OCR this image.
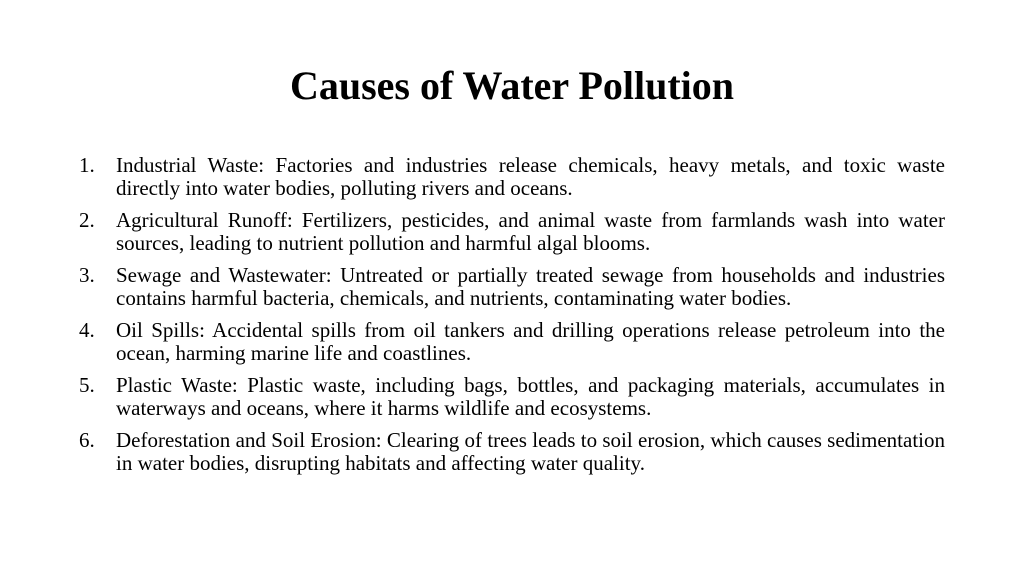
Causes of Water Pollution
1.	Industrial Waste: Factories and industries release chemicals, heavy metals, and toxic waste directly into water bodies, polluting rivers and oceans.
2.	Agricultural Runoff: Fertilizers, pesticides, and animal waste from farmlands wash into water sources, leading to nutrient pollution and harmful algal blooms.
3.	Sewage and Wastewater: Untreated or partially treated sewage from households and industries contains harmful bacteria, chemicals, and nutrients, contaminating water bodies.
4.	Oil Spills: Accidental spills from oil tankers and drilling operations release petroleum into the ocean, harming marine life and coastlines.
5.	Plastic Waste: Plastic waste, including bags, bottles, and packaging materials, accumulates in waterways and oceans, where it harms wildlife and ecosystems.
6.	Deforestation and Soil Erosion: Clearing of trees leads to soil erosion, which causes sedimentation in water bodies, disrupting habitats and affecting water quality.
